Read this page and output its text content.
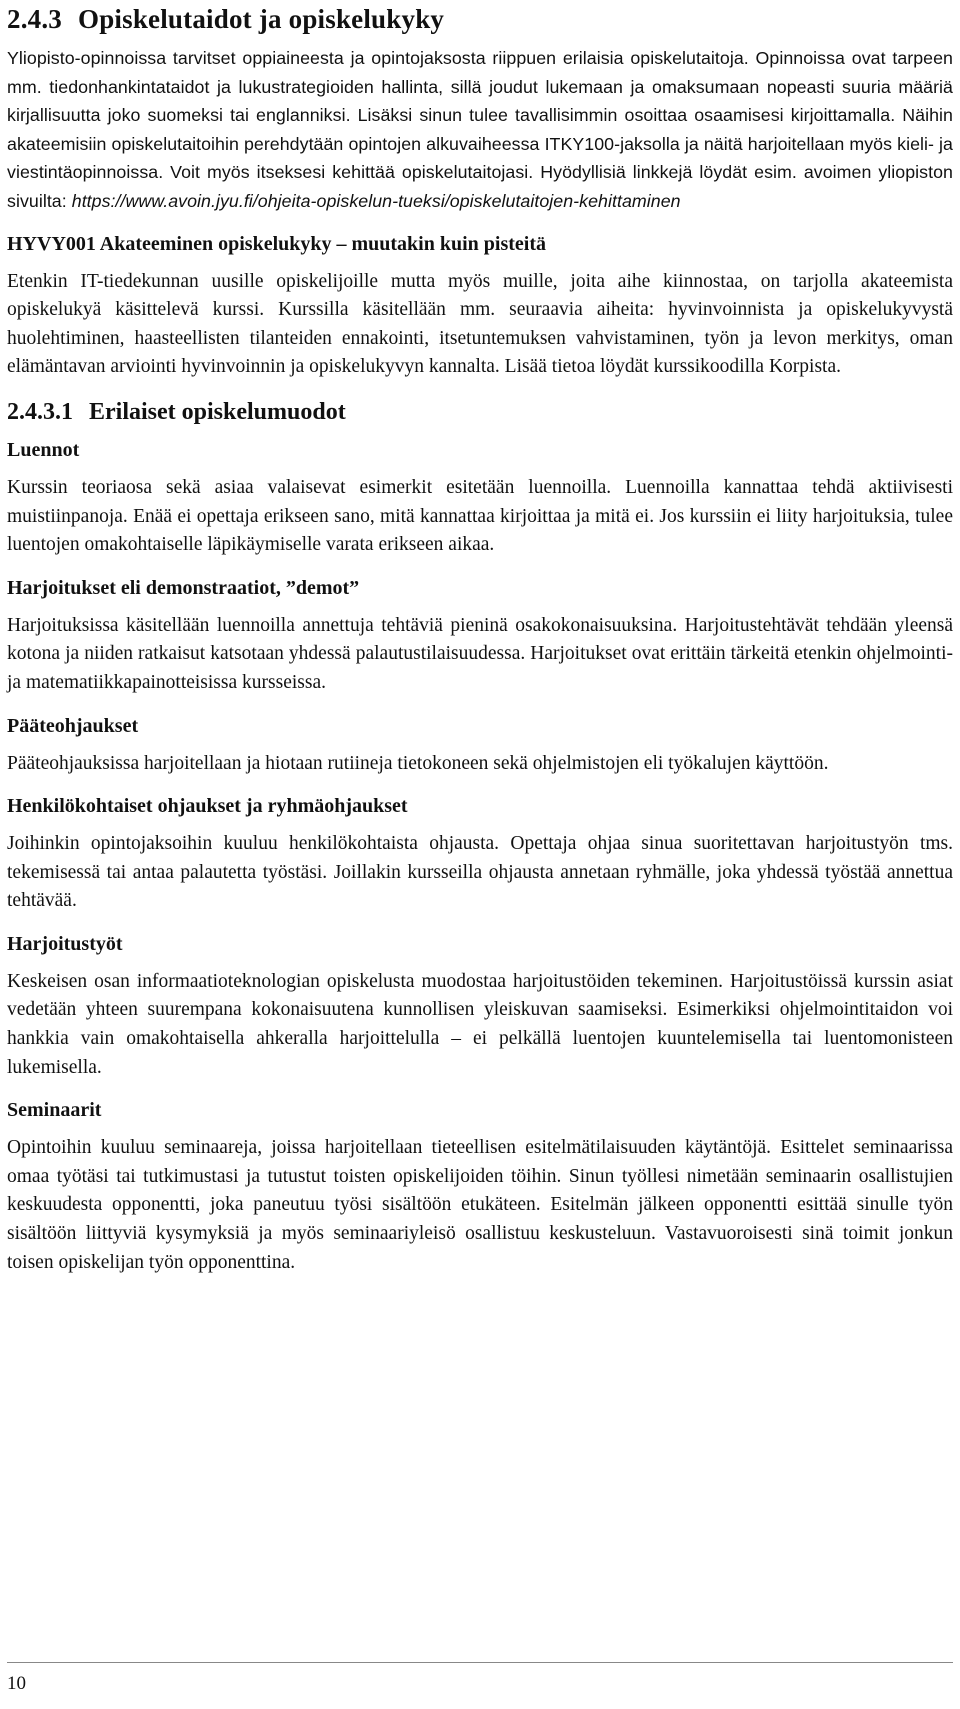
2.4.3 Opiskelutaidot ja opiskelukyky

Yliopisto-opinnoissa tarvitset oppiaineesta ja opintojaksosta riippuen erilaisia opiskelutaitoja. Opinnoissa ovat tarpeen mm. tiedonhankintataidot ja lukustrategioiden hallinta, sillä joudut lukemaan ja omaksumaan nopeasti suuria määriä kirjallisuutta joko suomeksi tai englanniksi. Lisäksi sinun tulee tavallisimmin osoittaa osaamisesi kirjoittamalla. Näihin akateemisiin opiskelutaitoihin perehdytään opintojen alkuvaiheessa ITKY100-jaksolla ja näitä harjoitellaan myös kieli- ja viestintäopinnoissa. Voit myös itseksesi kehittää opiskelutaitojasi. Hyödyllisiä linkkejä löydät esim. avoimen yliopiston sivuilta: https://www.avoin.jyu.fi/ohjeita-opiskelun-tueksi/opiskelutaitojen-kehittaminen

HYVY001 Akateeminen opiskelukyky – muutakin kuin pisteitä

Etenkin IT-tiedekunnan uusille opiskelijoille mutta myös muille, joita aihe kiinnostaa, on tarjolla akateemista opiskelukyä käsittelevä kurssi. Kurssilla käsitellään mm. seuraavia aiheita: hyvinvoinnista ja opiskelukyvystä huolehtiminen, haasteellisten tilanteiden ennakointi, itsetuntemuksen vahvistaminen, työn ja levon merkitys, oman elämäntavan arviointi hyvinvoinnin ja opiskelukyvyn kannalta. Lisää tietoa löydät kurssikoodilla Korpista.

2.4.3.1 Erilaiset opiskelumuodot
Luennot

Kurssin teoriaosa sekä asiaa valaisevat esimerkit esitetään luennoilla. Luennoilla kannattaa tehdä aktiivisesti muistiinpanoja. Enää ei opettaja erikseen sano, mitä kannattaa kirjoittaa ja mitä ei. Jos kurssiin ei liity harjoituksia, tulee luentojen omakohtaiselle läpikäymiselle varata erikseen aikaa.

Harjoitukset eli demonstraatiot, ”demot”

Harjoituksissa käsitellään luennoilla annettuja tehtäviä pieninä osakokonaisuuksina. Harjoitustehtävät tehdään yleensä kotona ja niiden ratkaisut katsotaan yhdessä palautustilaisuudessa. Harjoitukset ovat erittäin tärkeitä etenkin ohjelmointi- ja matematiikkapainotteisissa kursseissa.

Pääteohjaukset

Pääteohjauksissa harjoitellaan ja hiotaan rutiineja tietokoneen sekä ohjelmistojen eli työkalujen käyttöön.

Henkilökohtaiset ohjaukset ja ryhmäohjaukset

Joihinkin opintojaksoihin kuuluu henkilökohtaista ohjausta. Opettaja ohjaa sinua suoritettavan harjoitustyön tms. tekemisessä tai antaa palautetta työstäsi. Joillakin kursseilla ohjausta annetaan ryhmälle, joka yhdessä työstää annettua tehtävää.

Harjoitustyöt

Keskeisen osan informaatioteknologian opiskelusta muodostaa harjoitustöiden tekeminen. Harjoitustöissä kurssin asiat vedetään yhteen suurempana kokonaisuutena kunnollisen yleiskuvan saamiseksi. Esimerkiksi ohjelmointitaidon voi hankkia vain omakohtaisella ahkeralla harjoittelulla – ei pelkällä luentojen kuuntelemisella tai luentomonisteen lukemisella.

Seminaarit

Opintoihin kuuluu seminaareja, joissa harjoitellaan tieteellisen esitelmätilaisuuden käytäntöjä. Esittelet seminaarissa omaa työtäsi tai tutkimustasi ja tutustut toisten opiskelijoiden töihin. Sinun työllesi nimetään seminaarin osallistujien keskuudesta opponentti, joka paneutuu työsi sisältöön etukäteen. Esitelmän jälkeen opponentti esittää sinulle työn sisältöön liittyviä kysymyksiä ja myös seminaariyleisö osallistuu keskusteluun. Vastavuoroisesti sinä toimit jonkun toisen opiskelijan työn opponenttina.

10
